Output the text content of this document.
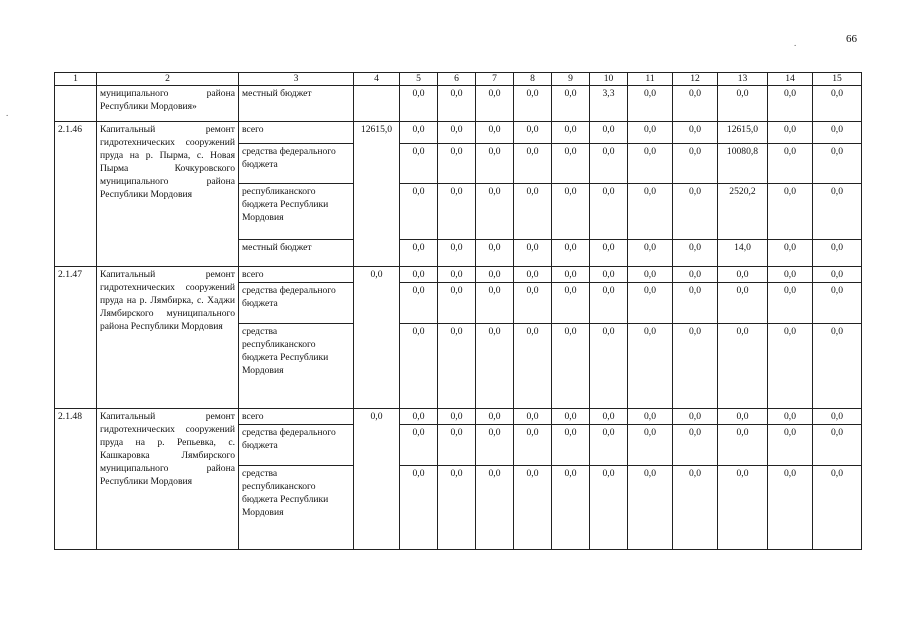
66
.
.
1	2	3	4	5	6	7	8	9	10	11	12	13	14	15
	муниципального района Республики Мордовия»	местный бюджет		0,0	0,0	0,0	0,0	0,0	3,3	0,0	0,0	0,0	0,0	0,0
2.1.46	Капитальный ремонт гидротехнических сооружений пруда на р. Пырма, с. Новая Пырма Кочкуровского муниципального района Республики Мордовия	всего	12615,0	0,0	0,0	0,0	0,0	0,0	0,0	0,0	0,0	12615,0	0,0	0,0
		средства федерального бюджета		0,0	0,0	0,0	0,0	0,0	0,0	0,0	0,0	10080,8	0,0	0,0
		республиканского бюджета Республики Мордовия		0,0	0,0	0,0	0,0	0,0	0,0	0,0	0,0	2520,2	0,0	0,0
		местный бюджет		0,0	0,0	0,0	0,0	0,0	0,0	0,0	0,0	14,0	0,0	0,0
2.1.47	Капитальный ремонт гидротехнических сооружений пруда на р. Лямбирка, с. Хаджи Лямбирского муниципального района Республики Мордовия	всего	0,0	0,0	0,0	0,0	0,0	0,0	0,0	0,0	0,0	0,0	0,0	0,0
		средства федерального бюджета		0,0	0,0	0,0	0,0	0,0	0,0	0,0	0,0	0,0	0,0	0,0
		средства республиканского бюджета Республики Мордовия		0,0	0,0	0,0	0,0	0,0	0,0	0,0	0,0	0,0	0,0	0,0
2.1.48	Капитальный ремонт гидротехнических сооружений пруда на р. Репьевка, с. Кашкаровка Лямбирского муниципального района Республики Мордовия	всего	0,0	0,0	0,0	0,0	0,0	0,0	0,0	0,0	0,0	0,0	0,0	0,0
		средства федерального бюджета		0,0	0,0	0,0	0,0	0,0	0,0	0,0	0,0	0,0	0,0	0,0
		средства республиканского бюджета Республики Мордовия		0,0	0,0	0,0	0,0	0,0	0,0	0,0	0,0	0,0	0,0	0,0
